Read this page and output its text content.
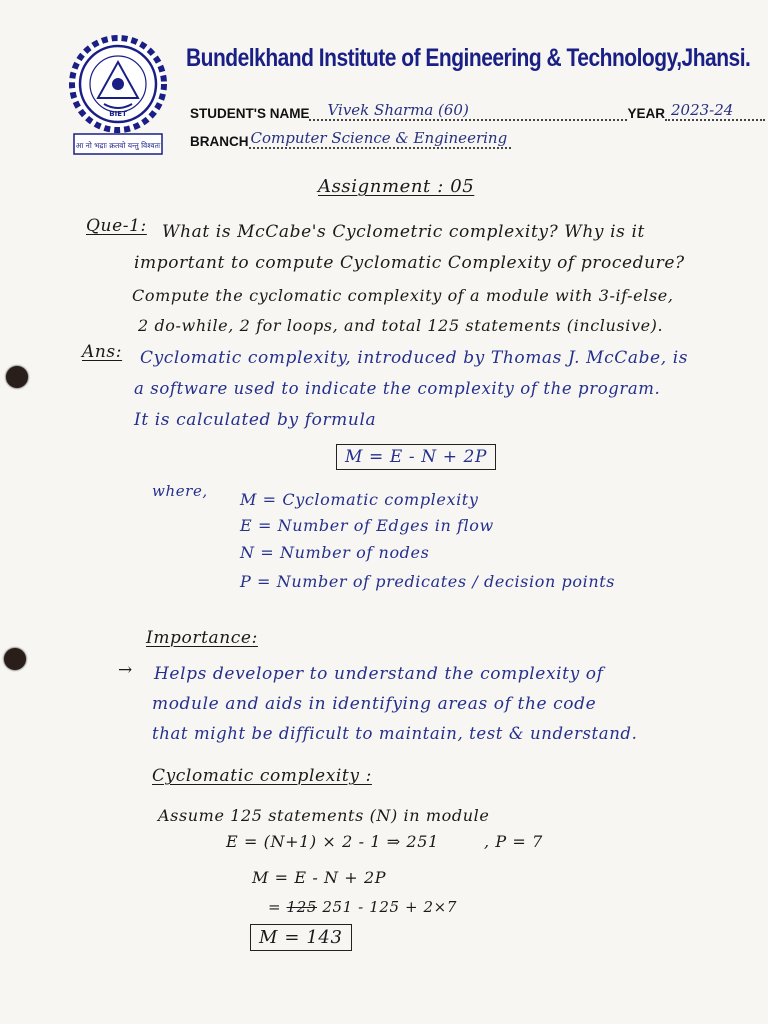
BIET
आ नो भद्राः क्रतवो यन्तु विश्वतः
Bundelkhand Institute of Engineering & Technology,Jhansi.
STUDENT'S NAME Vivek Sharma (60)	YEAR 2023-24
BRANCH Computer Science & Engineering
Assignment : 05
Que-1: What is McCabe's Cyclometric complexity? Why is it
important to compute Cyclomatic Complexity of procedure?
Compute the cyclomatic complexity of a module with 3-if-else,
2 do-while, 2 for loops, and total 125 statements (inclusive).
Ans: Cyclomatic complexity, introduced by Thomas J. McCabe, is
a software used to indicate the complexity of the program.
It is calculated by formula
M = E - N + 2P
where, M = Cyclomatic complexity
E = Number of Edges in flow
N = Number of nodes
P = Number of predicates / decision points
Importance:
→ Helps developer to understand the complexity of
module and aids in identifying areas of the code
that might be difficult to maintain, test & understand.
Cyclomatic complexity :
Assume 125 statements (N) in module
E = (N+1) × 2 - 1 ⇒ 251	, P = 7
M = E - N + 2P
= 125 251 - 125 + 2×7
M = 143
